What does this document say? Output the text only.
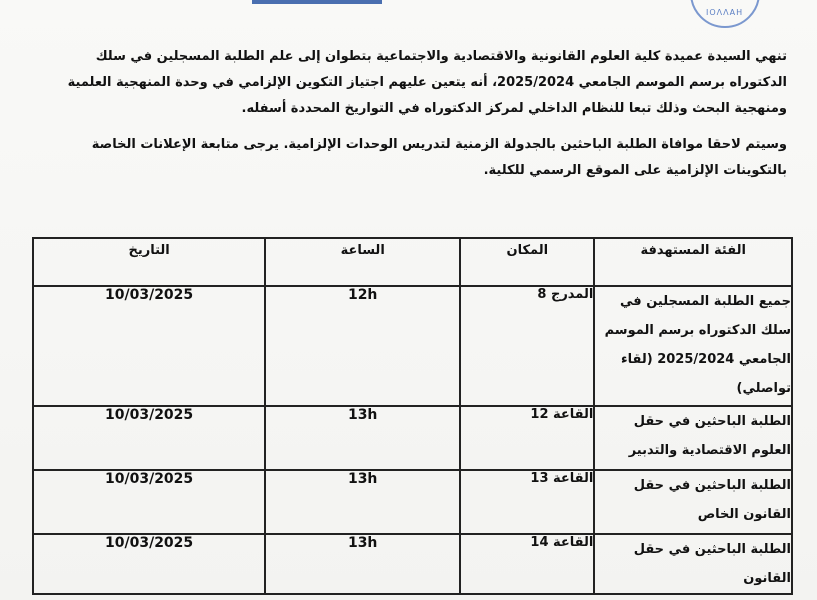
ΙΟΛΛΑΗ

تنهي السيدة عميدة كلية العلوم القانونية والاقتصادية والاجتماعية بتطوان إلى علم الطلبة المسجلين في سلك الدكتوراه برسم الموسم الجامعي 2025/2024، أنه يتعين عليهم اجتياز التكوين الإلزامي في وحدة المنهجية العلمية ومنهجية البحث وذلك تبعا للنظام الداخلي لمركز الدكتوراه في التواريخ المحددة أسفله.

وسيتم لاحقا موافاة الطلبة الباحثين بالجدولة الزمنية لتدريس الوحدات الإلزامية. يرجى متابعة الإعلانات الخاصة بالتكوينات الإلزامية على الموقع الرسمي للكلية.

الفئة المستهدفة	المكان	الساعة	التاريخ
جميع الطلبة المسجلين في سلك الدكتوراه برسم الموسم الجامعي 2025/2024 (لقاء تواصلي)	المدرج 8	12h	10/03/2025
الطلبة الباحثين في حقل العلوم الاقتصادية والتدبير	القاعة 12	13h	10/03/2025
الطلبة الباحثين في حقل القانون الخاص	القاعة 13	13h	10/03/2025
الطلبة الباحثين في حقل القانون	القاعة 14	13h	10/03/2025
